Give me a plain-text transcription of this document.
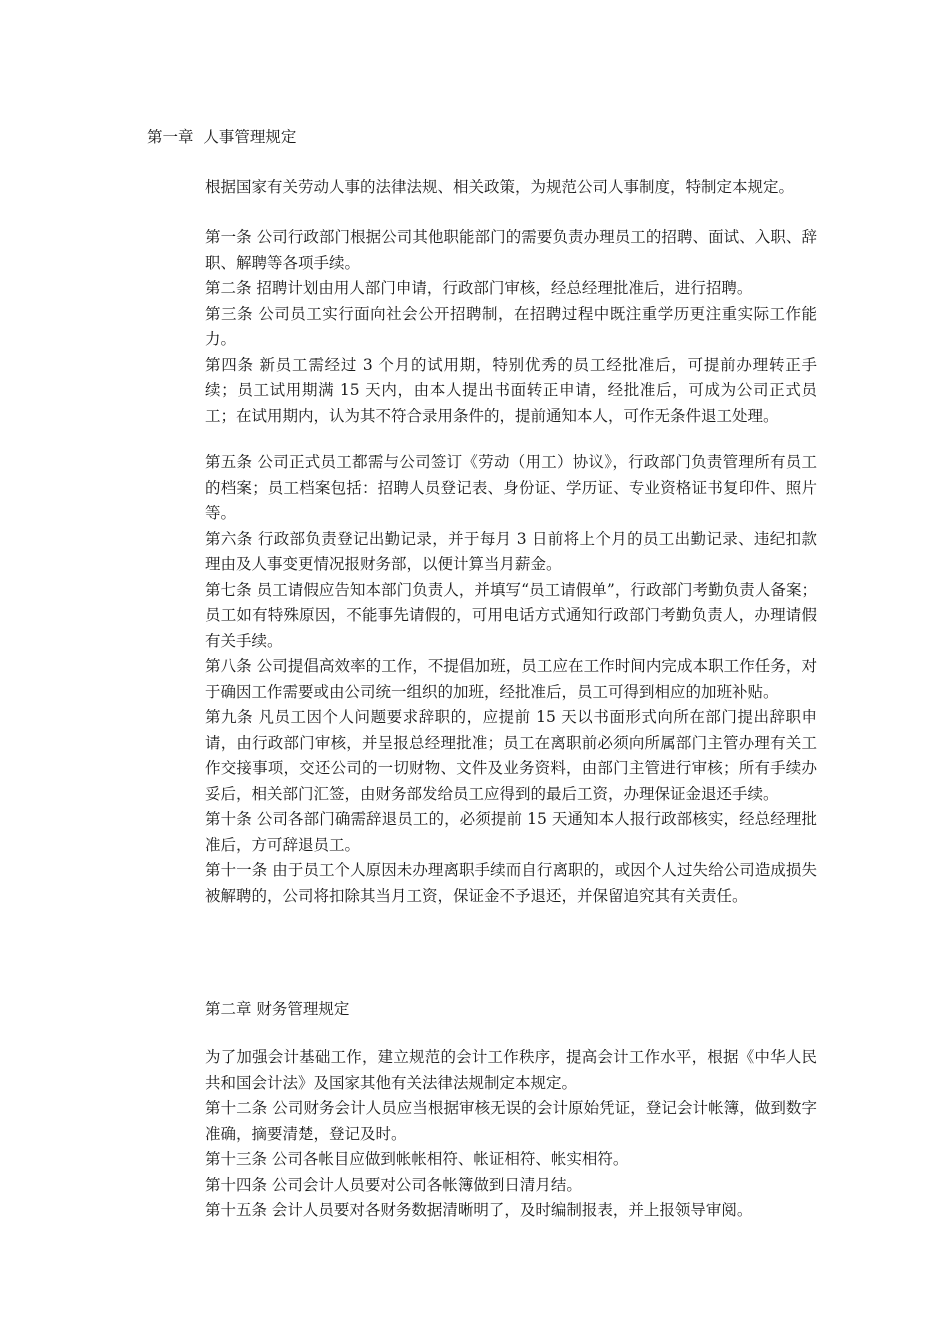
第一章  人事管理规定

根据国家有关劳动人事的法律法规、相关政策，为规范公司人事制度，特制定本规定。

第一条 公司行政部门根据公司其他职能部门的需要负责办理员工的招聘、面试、入职、辞职、解聘等各项手续。

第二条 招聘计划由用人部门申请，行政部门审核，经总经理批准后，进行招聘。

第三条 公司员工实行面向社会公开招聘制，在招聘过程中既注重学历更注重实际工作能力。

第四条 新员工需经过 3 个月的试用期，特别优秀的员工经批准后，可提前办理转正手续；员工试用期满 15 天内，由本人提出书面转正申请，经批准后，可成为公司正式员工；在试用期内，认为其不符合录用条件的，提前通知本人，可作无条件退工处理。

第五条 公司正式员工都需与公司签订《劳动（用工）协议》，行政部门负责管理所有员工的档案；员工档案包括：招聘人员登记表、身份证、学历证、专业资格证书复印件、照片等。

第六条 行政部负责登记出勤记录，并于每月 3 日前将上个月的员工出勤记录、违纪扣款理由及人事变更情况报财务部，以便计算当月薪金。

第七条 员工请假应告知本部门负责人，并填写“员工请假单”，行政部门考勤负责人备案；员工如有特殊原因，不能事先请假的，可用电话方式通知行政部门考勤负责人，办理请假有关手续。

第八条 公司提倡高效率的工作，不提倡加班，员工应在工作时间内完成本职工作任务，对于确因工作需要或由公司统一组织的加班，经批准后，员工可得到相应的加班补贴。

第九条 凡员工因个人问题要求辞职的，应提前 15 天以书面形式向所在部门提出辞职申请，由行政部门审核，并呈报总经理批准；员工在离职前必须向所属部门主管办理有关工作交接事项，交还公司的一切财物、文件及业务资料，由部门主管进行审核；所有手续办妥后，相关部门汇签，由财务部发给员工应得到的最后工资，办理保证金退还手续。

第十条 公司各部门确需辞退员工的，必须提前 15 天通知本人报行政部核实，经总经理批准后，方可辞退员工。

第十一条 由于员工个人原因未办理离职手续而自行离职的，或因个人过失给公司造成损失被解聘的，公司将扣除其当月工资，保证金不予退还，并保留追究其有关责任。

第二章 财务管理规定

为了加强会计基础工作，建立规范的会计工作秩序，提高会计工作水平，根据《中华人民共和国会计法》及国家其他有关法律法规制定本规定。

第十二条 公司财务会计人员应当根据审核无误的会计原始凭证，登记会计帐簿，做到数字准确，摘要清楚，登记及时。

第十三条 公司各帐目应做到帐帐相符、帐证相符、帐实相符。

第十四条 公司会计人员要对公司各帐簿做到日清月结。

第十五条 会计人员要对各财务数据清晰明了，及时编制报表，并上报领导审阅。
